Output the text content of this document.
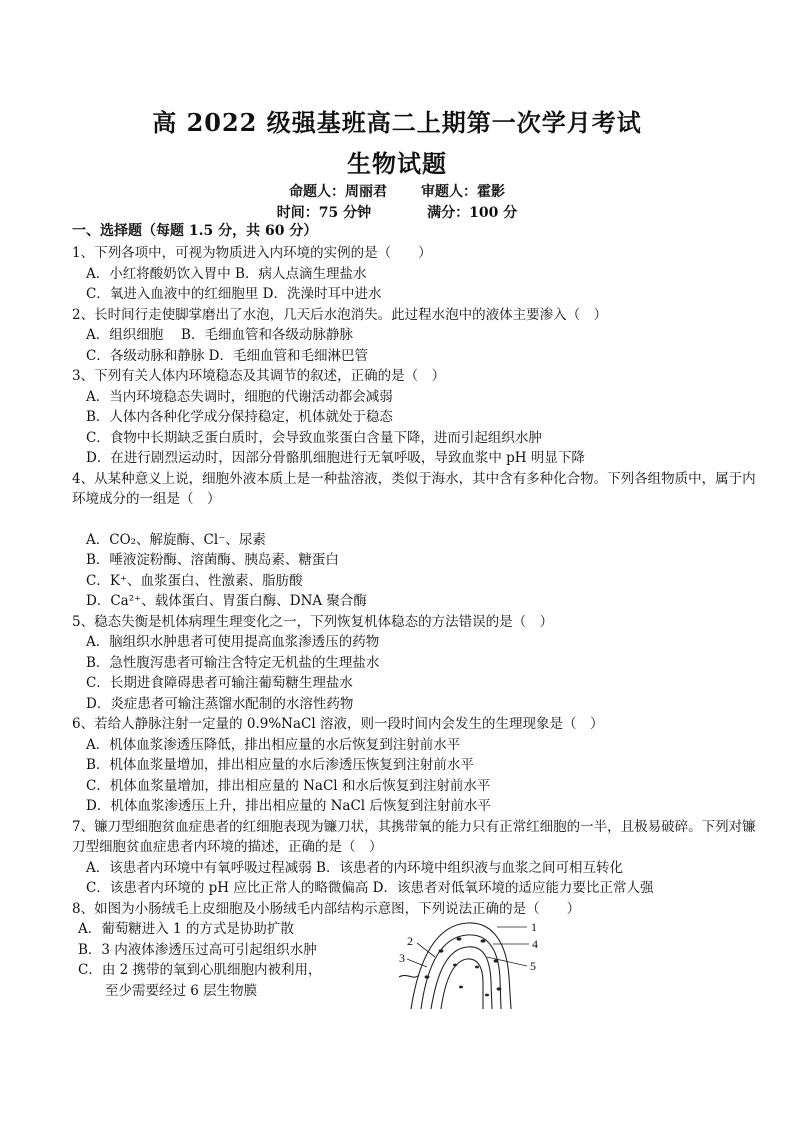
高 2022 级强基班高二上期第一次学月考试
生物试题
命题人：周丽君 审题人：霍影
时间：75 分钟	满分：100 分
一、选择题（每题 1.5 分，共 60 分）

1、下列各项中，可视为物质进入内环境的实例的是（　　）

A．小红将酸奶饮入胃中 B．病人点滴生理盐水

C．氧进入血液中的红细胞里 D．洗澡时耳中进水

2、长时间行走使脚掌磨出了水泡，几天后水泡消失。此过程水泡中的液体主要渗入（　）

A．组织细胞　 B．毛细血管和各级动脉静脉

C．各级动脉和静脉 D．毛细血管和毛细淋巴管

3、下列有关人体内环境稳态及其调节的叙述，正确的是（　）

A．当内环境稳态失调时，细胞的代谢活动都会减弱

B．人体内各种化学成分保持稳定，机体就处于稳态

C．食物中长期缺乏蛋白质时，会导致血浆蛋白含量下降，进而引起组织水肿

D．在进行剧烈运动时，因部分骨骼肌细胞进行无氧呼吸，导致血浆中 pH 明显下降

4、从某种意义上说，细胞外液本质上是一种盐溶液，类似于海水，其中含有多种化合物。下列各组物质中，属于内环境成分的一组是（　）

A．CO₂、解旋酶、Cl⁻、尿素

B．唾液淀粉酶、溶菌酶、胰岛素、糖蛋白

C．K⁺、血浆蛋白、性激素、脂肪酸

D．Ca²⁺、载体蛋白、胃蛋白酶、DNA 聚合酶

5、稳态失衡是机体病理生理变化之一，下列恢复机体稳态的方法错误的是（　）

A．脑组织水肿患者可使用提高血浆渗透压的药物

B．急性腹泻患者可输注含特定无机盐的生理盐水

C．长期进食障碍患者可输注葡萄糖生理盐水

D．炎症患者可输注蒸馏水配制的水溶性药物

6、若给人静脉注射一定量的 0.9%NaCl 溶液，则一段时间内会发生的生理现象是（　）

A．机体血浆渗透压降低，排出相应量的水后恢复到注射前水平

B．机体血浆量增加，排出相应量的水后渗透压恢复到注射前水平

C．机体血浆量增加，排出相应量的 NaCl 和水后恢复到注射前水平

D．机体血浆渗透压上升，排出相应量的 NaCl 后恢复到注射前水平

7、镰刀型细胞贫血症患者的红细胞表现为镰刀状，其携带氧的能力只有正常红细胞的一半，且极易破碎。下列对镰刀型细胞贫血症患者内环境的描述，正确的是（　）

A．该患者内环境中有氧呼吸过程减弱 B．该患者的内环境中组织液与血浆之间可相互转化

C．该患者内环境的 pH 应比正常人的略微偏高 D．该患者对低氧环境的适应能力要比正常人强

8、如图为小肠绒毛上皮细胞及小肠绒毛内部结构示意图，下列说法正确的是（　　）

A．葡萄糖进入 1 的方式是协助扩散

B．3 内液体渗透压过高可引起组织水肿

C．由 2 携带的氧到心肌细胞内被利用，

　　至少需要经过 6 层生物膜

1
2
3
4
5
